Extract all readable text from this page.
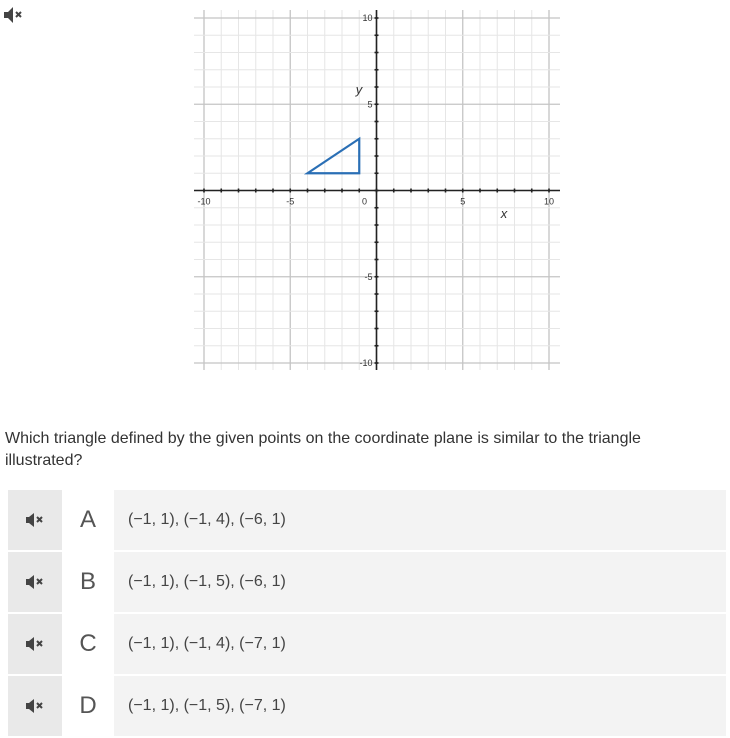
-10	-5	0	5	10
10
5
-5
-10
x
y
Which triangle defined by the given points on the coordinate plane is similar to the triangle illustrated?
A	(−1, 1), (−1, 4), (−6, 1)
B	(−1, 1), (−1, 5), (−6, 1)
C	(−1, 1), (−1, 4), (−7, 1)
D	(−1, 1), (−1, 5), (−7, 1)
